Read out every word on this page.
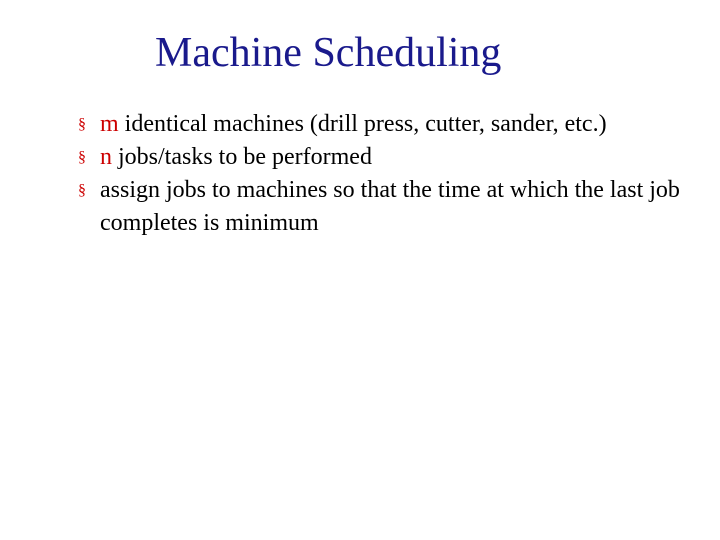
Machine Scheduling
§ m identical machines (drill press, cutter, sander, etc.)
§ n jobs/tasks to be performed
§ assign jobs to machines so that the time at which the last job completes is minimum
